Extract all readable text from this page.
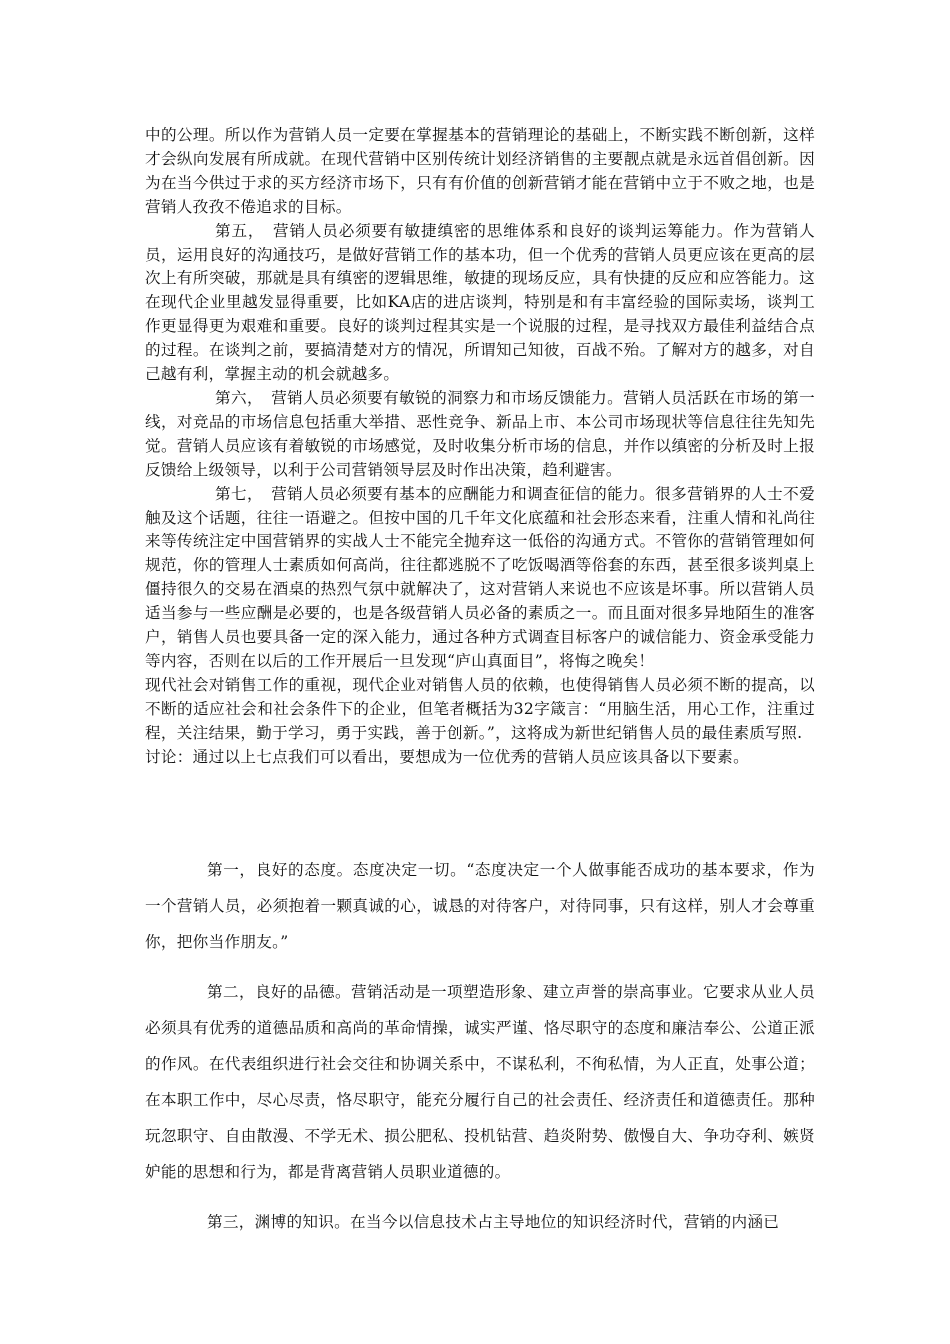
中的公理。所以作为营销人员一定要在掌握基本的营销理论的基础上，不断实践不断创新，这样才会纵向发展有所成就。在现代营销中区别传统计划经济销售的主要靓点就是永远首倡创新。因为在当今供过于求的买方经济市场下，只有有价值的创新营销才能在营销中立于不败之地，也是营销人孜孜不倦追求的目标。

第五，　营销人员必须要有敏捷缜密的思维体系和良好的谈判运筹能力。作为营销人员，运用良好的沟通技巧，是做好营销工作的基本功，但一个优秀的营销人员更应该在更高的层次上有所突破，那就是具有缜密的逻辑思维，敏捷的现场反应，具有快捷的反应和应答能力。这在现代企业里越发显得重要，比如KA店的进店谈判，特别是和有丰富经验的国际卖场，谈判工作更显得更为艰难和重要。良好的谈判过程其实是一个说服的过程，是寻找双方最佳利益结合点的过程。在谈判之前，要搞清楚对方的情况，所谓知己知彼，百战不殆。了解对方的越多，对自己越有利，掌握主动的机会就越多。

第六，　营销人员必须要有敏锐的洞察力和市场反馈能力。营销人员活跃在市场的第一线，对竞品的市场信息包括重大举措、恶性竞争、新品上市、本公司市场现状等信息往往先知先觉。营销人员应该有着敏锐的市场感觉，及时收集分析市场的信息，并作以缜密的分析及时上报反馈给上级领导，以利于公司营销领导层及时作出决策，趋利避害。

第七，　营销人员必须要有基本的应酬能力和调查征信的能力。很多营销界的人士不爱触及这个话题，往往一语避之。但按中国的几千年文化底蕴和社会形态来看，注重人情和礼尚往来等传统注定中国营销界的实战人士不能完全抛弃这一低俗的沟通方式。不管你的营销管理如何规范，你的管理人士素质如何高尚，往往都逃脱不了吃饭喝酒等俗套的东西，甚至很多谈判桌上僵持很久的交易在酒桌的热烈气氛中就解决了，这对营销人来说也不应该是坏事。所以营销人员适当参与一些应酬是必要的，也是各级营销人员必备的素质之一。而且面对很多异地陌生的准客户，销售人员也要具备一定的深入能力，通过各种方式调查目标客户的诚信能力、资金承受能力等内容，否则在以后的工作开展后一旦发现“庐山真面目”，将悔之晚矣！

现代社会对销售工作的重视，现代企业对销售人员的依赖，也使得销售人员必须不断的提高，以不断的适应社会和社会条件下的企业，但笔者概括为32字箴言：“用脑生活，用心工作，注重过程，关注结果，勤于学习，勇于实践，善于创新。”，这将成为新世纪销售人员的最佳素质写照.

讨论：通过以上七点我们可以看出，要想成为一位优秀的营销人员应该具备以下要素。

第一，良好的态度。态度决定一切。“态度决定一个人做事能否成功的基本要求，作为一个营销人员，必须抱着一颗真诚的心，诚恳的对待客户，对待同事，只有这样，别人才会尊重你，把你当作朋友。”

第二，良好的品德。营销活动是一项塑造形象、建立声誉的崇高事业。它要求从业人员必须具有优秀的道德品质和高尚的革命情操，诚实严谨、恪尽职守的态度和廉洁奉公、公道正派的作风。在代表组织进行社会交往和协调关系中，不谋私利，不徇私情，为人正直，处事公道；在本职工作中，尽心尽责，恪尽职守，能充分履行自己的社会责任、经济责任和道德责任。那种玩忽职守、自由散漫、不学无术、损公肥私、投机钻营、趋炎附势、傲慢自大、争功夺利、嫉贤妒能的思想和行为，都是背离营销人员职业道德的。

第三，渊博的知识。在当今以信息技术占主导地位的知识经济时代，营销的内涵已
